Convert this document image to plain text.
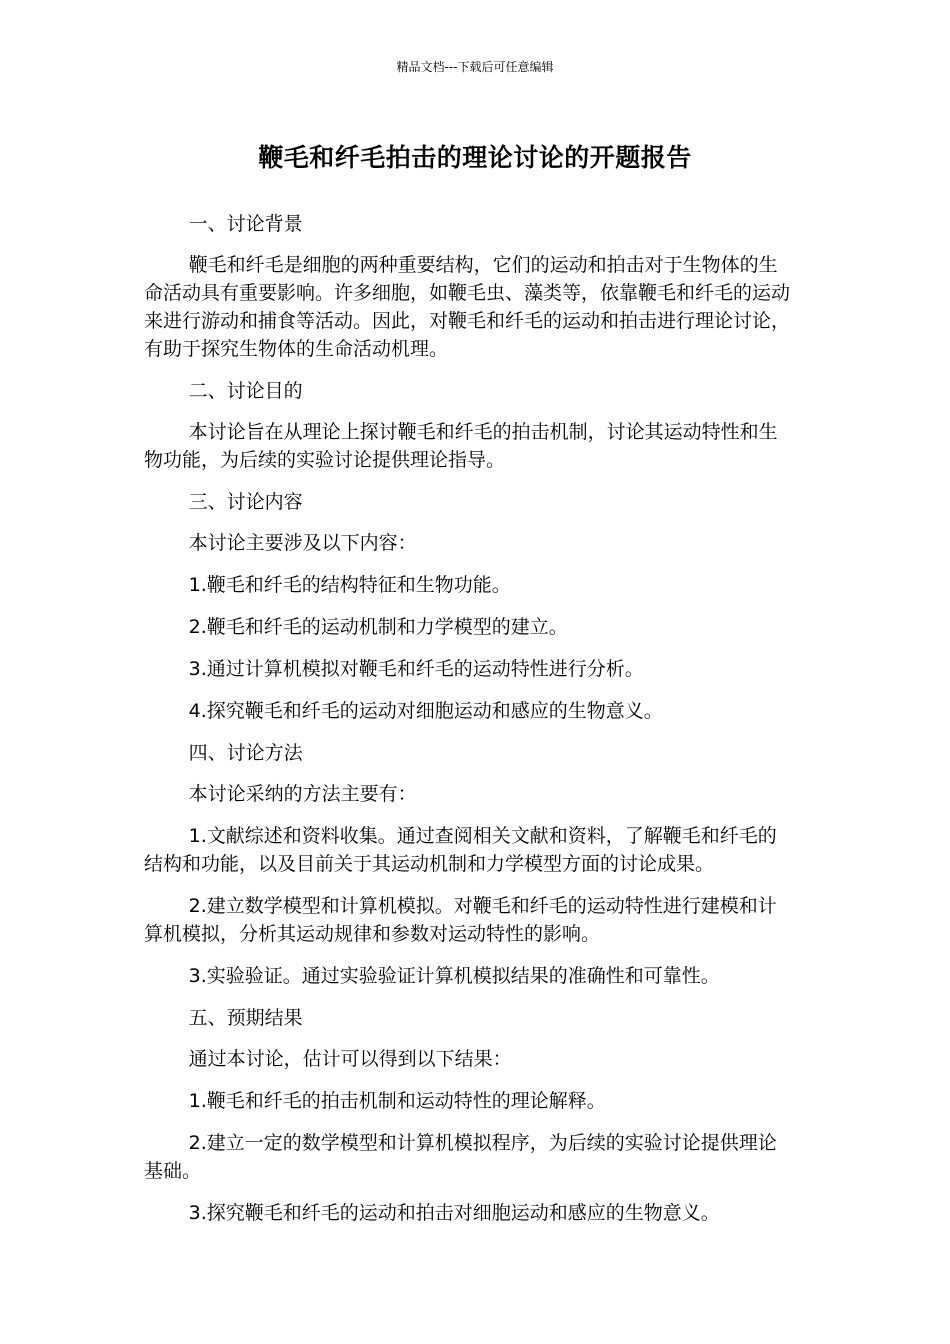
精品文档---下载后可任意编辑
鞭毛和纤毛拍击的理论讨论的开题报告

一、讨论背景

鞭毛和纤毛是细胞的两种重要结构，它们的运动和拍击对于生物体的生命活动具有重要影响。许多细胞，如鞭毛虫、藻类等，依靠鞭毛和纤毛的运动来进行游动和捕食等活动。因此，对鞭毛和纤毛的运动和拍击进行理论讨论，有助于探究生物体的生命活动机理。

二、讨论目的

本讨论旨在从理论上探讨鞭毛和纤毛的拍击机制，讨论其运动特性和生物功能，为后续的实验讨论提供理论指导。

三、讨论内容

本讨论主要涉及以下内容：

1.鞭毛和纤毛的结构特征和生物功能。

2.鞭毛和纤毛的运动机制和力学模型的建立。

3.通过计算机模拟对鞭毛和纤毛的运动特性进行分析。

4.探究鞭毛和纤毛的运动对细胞运动和感应的生物意义。

四、讨论方法

本讨论采纳的方法主要有：

1.文献综述和资料收集。通过查阅相关文献和资料，了解鞭毛和纤毛的结构和功能，以及目前关于其运动机制和力学模型方面的讨论成果。

2.建立数学模型和计算机模拟。对鞭毛和纤毛的运动特性进行建模和计算机模拟，分析其运动规律和参数对运动特性的影响。

3.实验验证。通过实验验证计算机模拟结果的准确性和可靠性。

五、预期结果

通过本讨论，估计可以得到以下结果：

1.鞭毛和纤毛的拍击机制和运动特性的理论解释。

2.建立一定的数学模型和计算机模拟程序，为后续的实验讨论提供理论基础。

3.探究鞭毛和纤毛的运动和拍击对细胞运动和感应的生物意义。
